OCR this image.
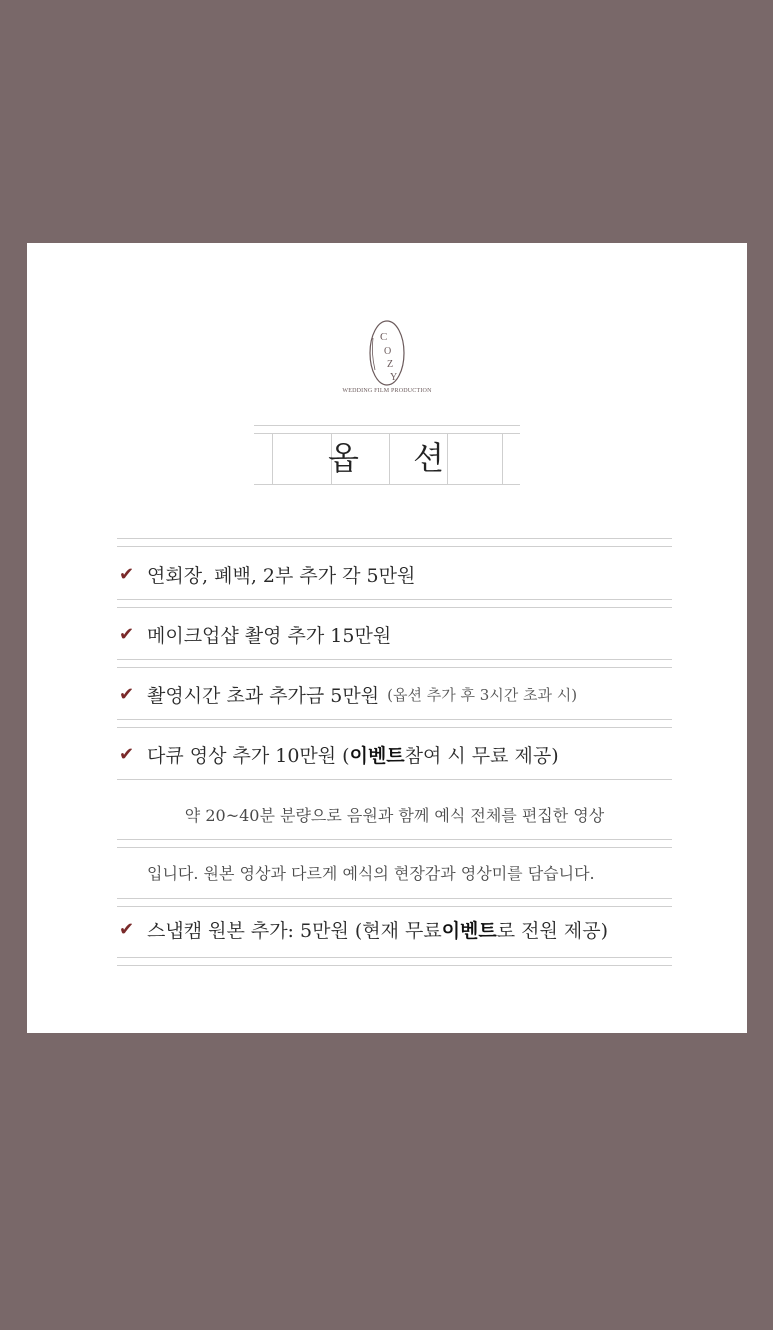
C
O
Z
Y
WEDDING FILM PRODUCTION
옵 션
✔ 연회장, 폐백, 2부 추가 각 5만원
✔ 메이크업샵 촬영 추가 15만원
✔ 촬영시간 초과 추가금 5만원 (옵션 추가 후 3시간 초과 시)
✔ 다큐 영상 추가 10만원 ( 이벤트 참여 시 무료 제공)
약 20~40분 분량으로 음원과 함께 예식 전체를 편집한 영상
입니다. 원본 영상과 다르게 예식의 현장감과 영상미를 담습니다.
✔ 스냅캠 원본 추가: 5만원 (현재 무료 이벤트 로 전원 제공)
